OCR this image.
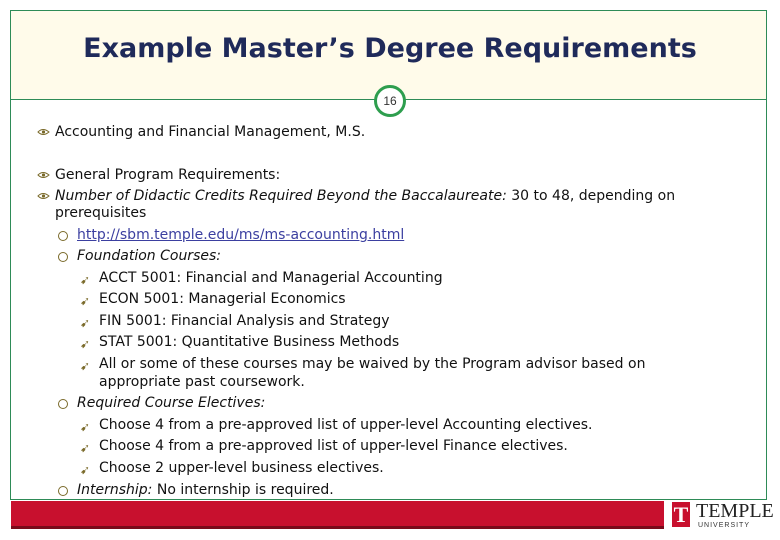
Example Master’s Degree Requirements
16
Accounting and Financial Management, M.S.
General Program Requirements:
Number of Didactic Credits Required Beyond the Baccalaureate: 30 to 48, depending on
prerequisites
http://sbm.temple.edu/ms/ms-accounting.html
Foundation Courses:
➹ ACCT 5001: Financial and Managerial Accounting
➹ ECON 5001: Managerial Economics
➹ FIN 5001: Financial Analysis and Strategy
➹ STAT 5001: Quantitative Business Methods
➹ All or some of these courses may be waived by the Program advisor based on
appropriate past coursework.
Required Course Electives:
➹ Choose 4 from a pre-approved list of upper-level Accounting electives.
➹ Choose 4 from a pre-approved list of upper-level Finance electives.
➹ Choose 2 upper-level business electives.
Internship: No internship is required.
T TEMPLE
UNIVERSITY
